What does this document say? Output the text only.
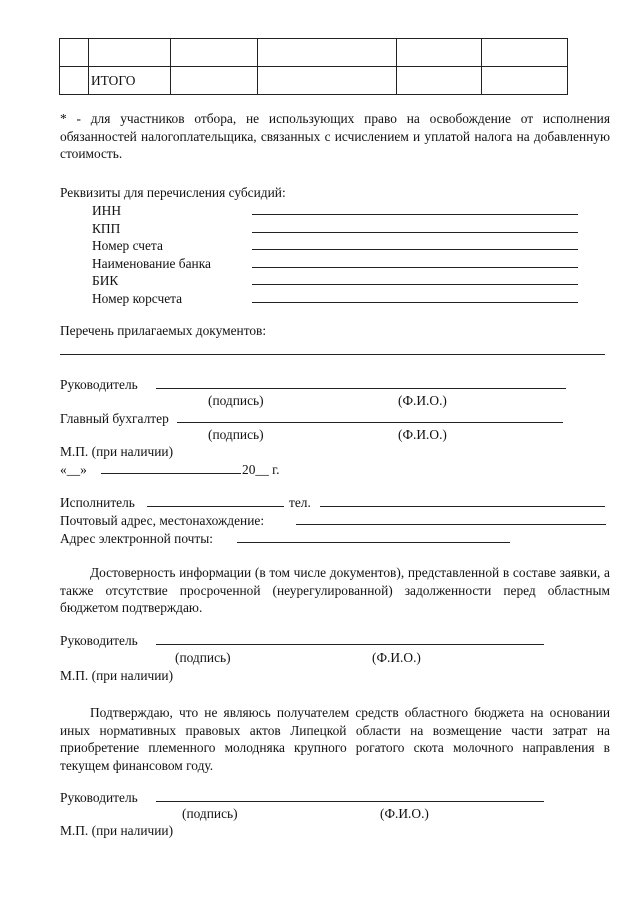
	ИТОГО				
* - для участников отбора, не использующих право на освобождение от исполнения обязанностей налогоплательщика, связанных с исчислением и уплатой налога на добавленную стоимость.
Реквизиты для перечисления субсидий:
ИНН
КПП
Номер счета
Наименование банка
БИК
Номер корсчета
Перечень прилагаемых документов:
Руководитель
(подпись)	(Ф.И.О.)
Главный бухгалтер
(подпись)	(Ф.И.О.)
М.П. (при наличии)
«__»	20__ г.
Исполнитель	тел.
Почтовый адрес, местонахождение:
Адрес электронной почты:
Достоверность информации (в том числе документов), представленной в составе заявки, а также отсутствие просроченной (неурегулированной) задолженности перед областным бюджетом подтверждаю.
Руководитель
(подпись)	(Ф.И.О.)
М.П. (при наличии)
Подтверждаю, что не являюсь получателем средств областного бюджета на основании иных нормативных правовых актов Липецкой области на возмещение части затрат на приобретение племенного молодняка крупного рогатого скота молочного направления в текущем финансовом году.
Руководитель
(подпись)	(Ф.И.О.)
М.П. (при наличии)
